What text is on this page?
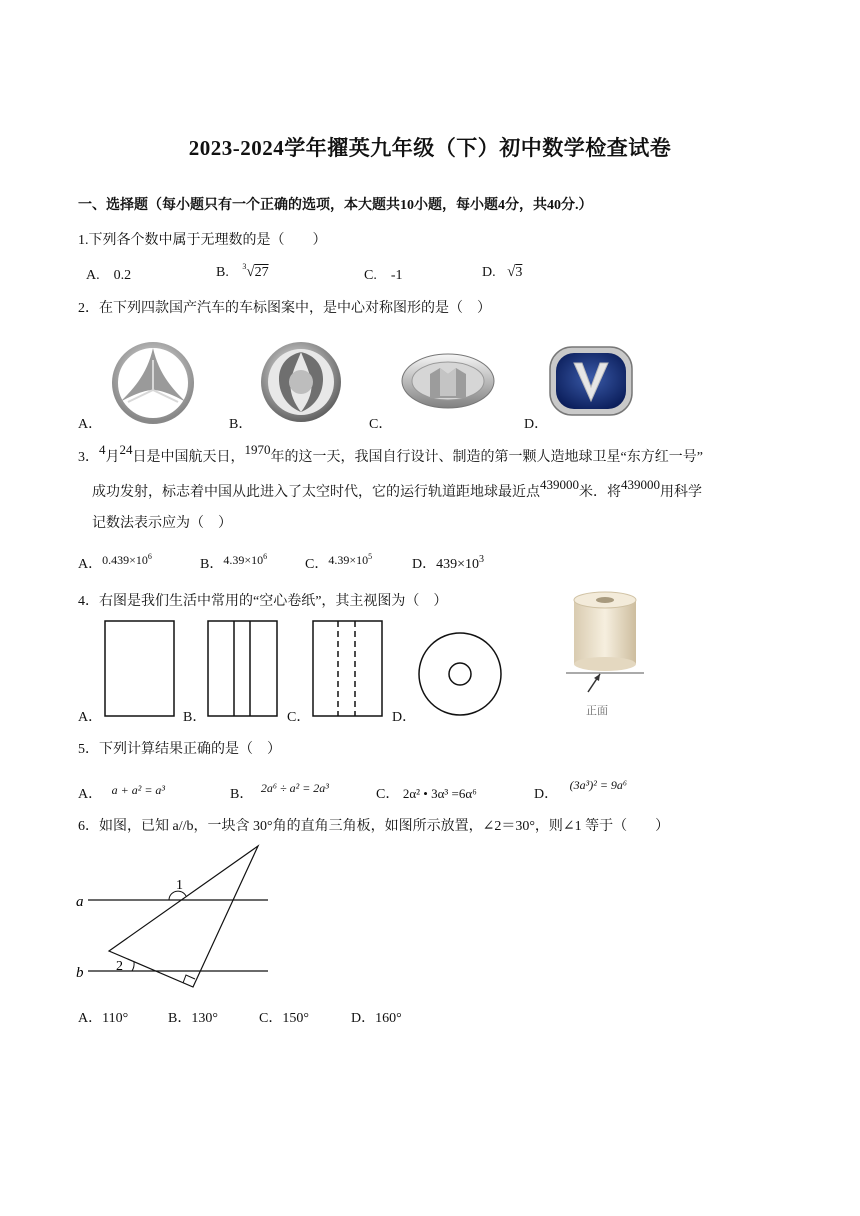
2023-2024学年擢英九年级（下）初中数学检查试卷
一、选择题（每小题只有一个正确的选项，本大题共10小题，每小题4分，共40分.）
1.下列各个数中属于无理数的是（　　）
A.　0.2	B. $^3$√27	C.　-1	D. √3
2．在下列四款国产汽车的车标图案中，是中心对称图形的是（　）
A．	B．	C．	D．
3．4月24日是中国航天日，1970年的这一天，我国自行设计、制造的第一颗人造地球卫星“东方红一号”
成功发射，标志着中国从此进入了太空时代，它的运行轨道距地球最近点439000米．将439000用科学
记数法表示应为（　）
A．$0.439\times 10^6$
B．$4.39\times 10^6$
C．$4.39\times 10^5$
D．$439\times 10^3$
4．右图是我们生活中常用的“空心卷纸”，其主视图为（　）
正面
A．	B．	C．	D．
5．下列计算结果正确的是（　）
A． a + a² = a³	B． 2a⁶ ÷ a² = 2a³	C． 2α² • 3α³ =6α⁶	D． (3a³)² = 9a⁶
6．如图，已知 a//b，一块含 30°角的直角三角板，如图所示放置，∠2＝30°，则∠1 等于（　　）
a
b
1
2
A．110°	B．130°	C．150°	D．160°
